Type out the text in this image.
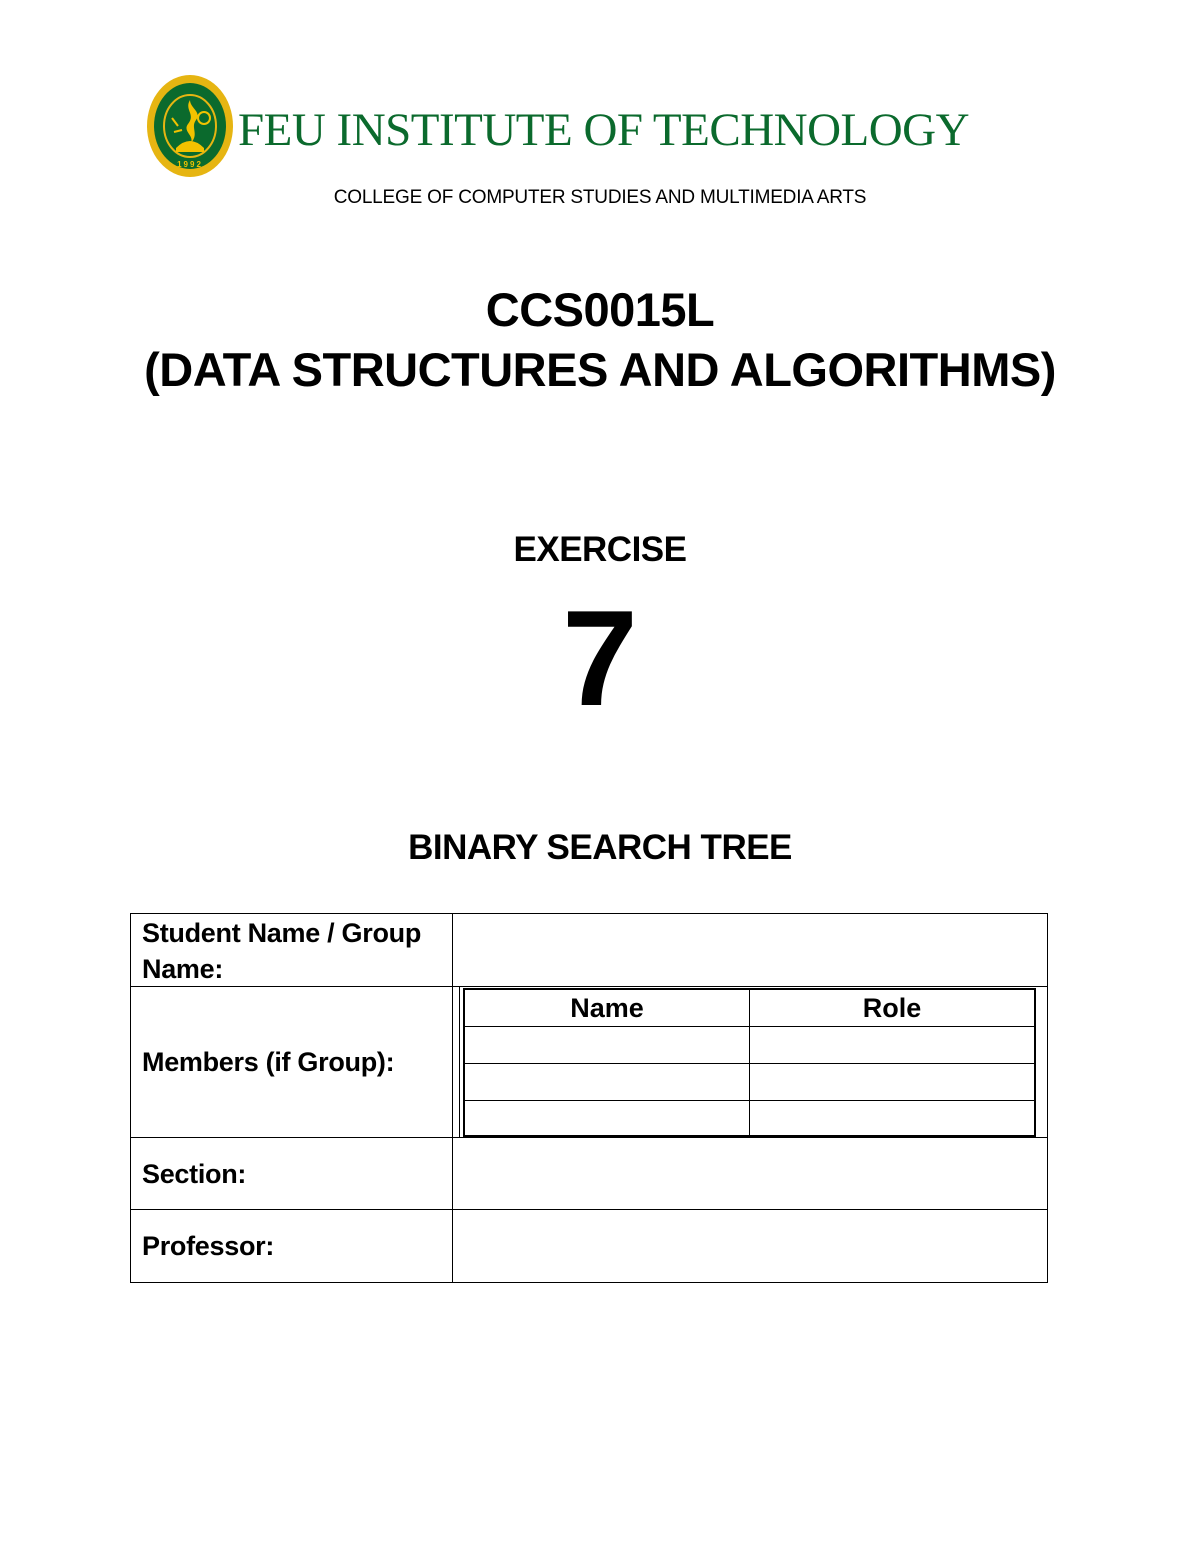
1992
FEU INSTITUTE OF TECHNOLOGY
COLLEGE OF COMPUTER STUDIES AND MULTIMEDIA ARTS
CCS0015L
(DATA STRUCTURES AND ALGORITHMS)
EXERCISE
7
BINARY SEARCH TREE
Student Name / Group Name:
Members (if Group):
Name	Role
Section:
Professor:
